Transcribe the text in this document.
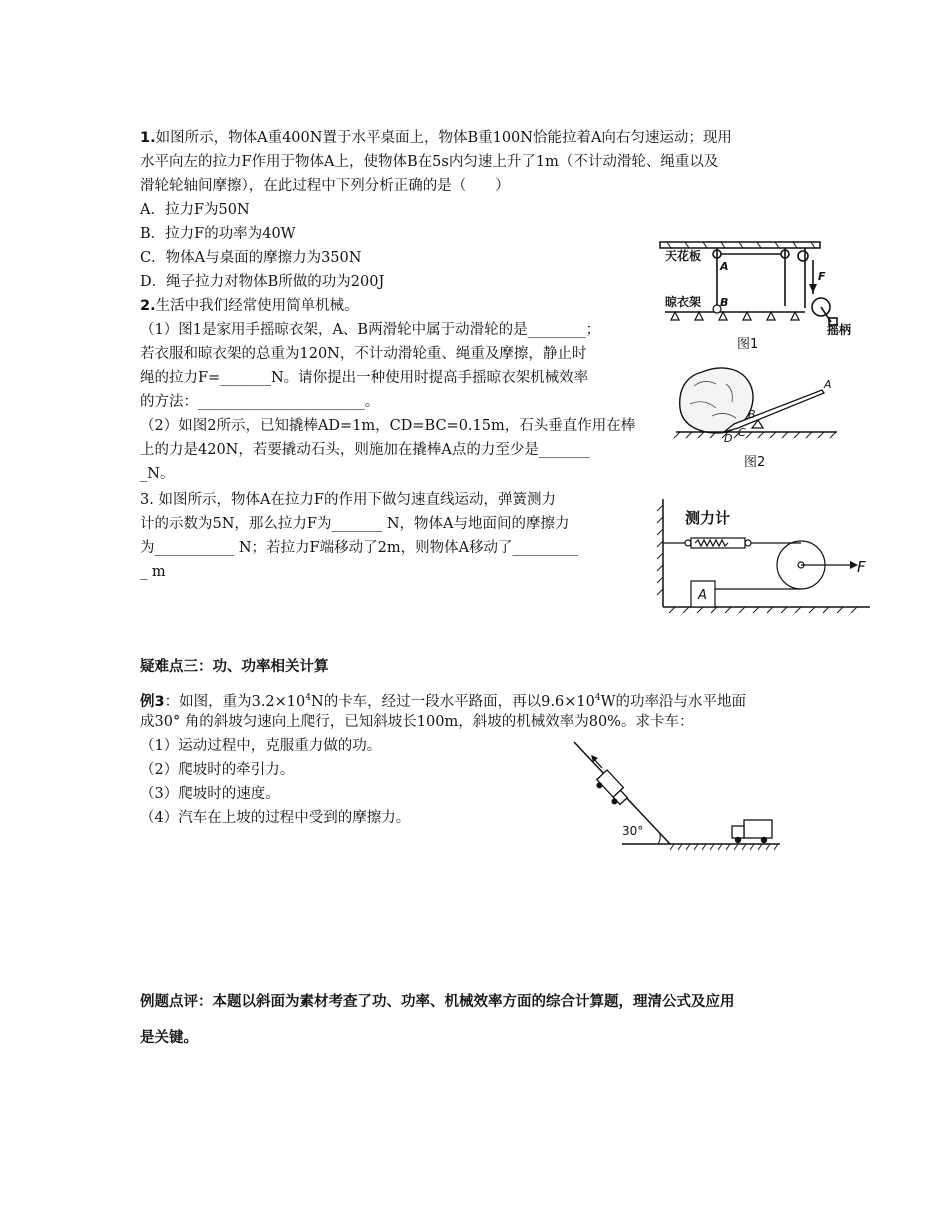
1.如图所示，物体A重400N置于水平桌面上，物体B重100N恰能拉着A向右匀速运动；现用
水平向左的拉力F作用于物体A上，使物体B在5s内匀速上升了1m（不计动滑轮、绳重以及
滑轮轮轴间摩擦），在此过程中下列分析正确的是（　　）
A．拉力F为50N
B．拉力F的功率为40W
C．物体A与桌面的摩擦力为350N
D．绳子拉力对物体B所做的功为200J
2.生活中我们经常使用简单机械。
（1）图1是家用手摇晾衣架，A、B两滑轮中属于动滑轮的是________；
若衣服和晾衣架的总重为120N，不计动滑轮重、绳重及摩擦，静止时
绳的拉力F=_______N。请你提出一种使用时提高手摇晾衣架机械效率
的方法：_______________________。
（2）如图2所示，已知撬棒AD=1m，CD=BC=0.15m，石头垂直作用在棒
上的力是420N，若要撬动石头，则施加在撬棒A点的力至少是_______
_N。
天花板
晾衣架
A
B
F
摇柄
图1
A
B
C
D
图2
3. 如图所示，物体A在拉力F的作用下做匀速直线运动，弹簧测力
计的示数为5N，那么拉力F为_______ N，物体A与地面间的摩擦力
为___________ N；若拉力F端移动了2m，则物体A移动了_________
_ m
测力计
A
F
疑难点三：功、功率相关计算
例3：如图，重为$3.2\times 10^4N$的卡车，经过一段水平路面，再以$9.6\times 10^4W$的功率沿与水平地面
成30° 角的斜坡匀速向上爬行，已知斜坡长100m，斜坡的机械效率为80%。求卡车：
（1）运动过程中，克服重力做的功。
（2）爬坡时的牵引力。
（3）爬坡时的速度。
（4）汽车在上坡的过程中受到的摩擦力。
30°
例题点评：本题以斜面为素材考查了功、功率、机械效率方面的综合计算题，理清公式及应用
是关键。
